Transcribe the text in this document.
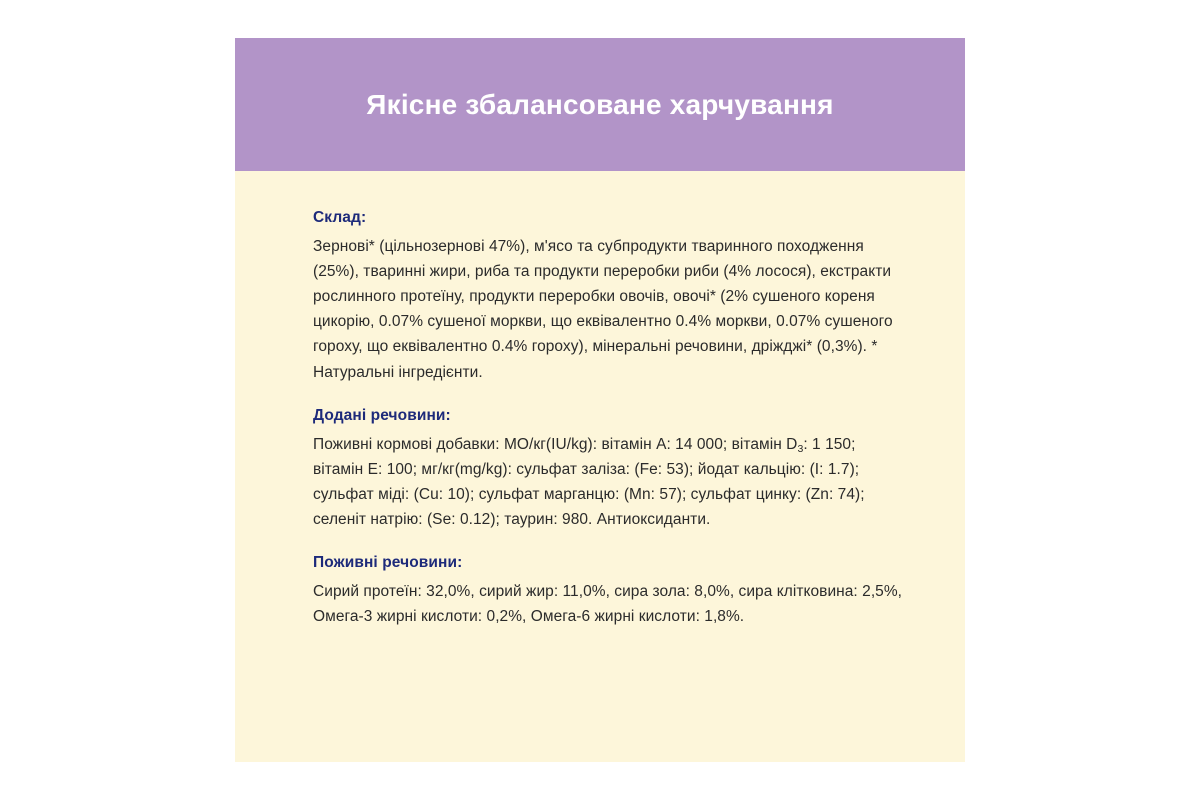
Якісне збалансоване харчування
Склад:

Зернові* (цільнозернові 47%), м'ясо та субпродукти тваринного походження (25%), тваринні жири, риба та продукти переробки риби (4% лосося), екстракти рослинного протеїну, продукти переробки овочів, овочі* (2% сушеного кореня цикорію, 0.07% сушеної моркви, що еквівалентно 0.4% моркви, 0.07% сушеного гороху, що еквівалентно 0.4% гороху), мінеральні речовини, дріжджі* (0,3%). * Натуральні інгредієнти.

Додані речовини:

Поживні кормові добавки: МО/кг(IU/kg): вітамін А: 14 000; вітамін $D_3$: 1 150; вітамін Е: 100; мг/кг(mg/kg): сульфат заліза: (Fe: 53); йодат кальцію: (I: 1.7); сульфат міді: (Cu: 10); сульфат марганцю: (Mn: 57); сульфат цинку: (Zn: 74); селеніт натрію: (Se: 0.12); таурин: 980. Антиоксиданти.

Поживні речовини:

Сирий протеїн: 32,0%, сирий жир: 11,0%, сира зола: 8,0%, сира клітковина: 2,5%, Омега-3 жирні кислоти: 0,2%, Омега-6 жирні кислоти: 1,8%.
